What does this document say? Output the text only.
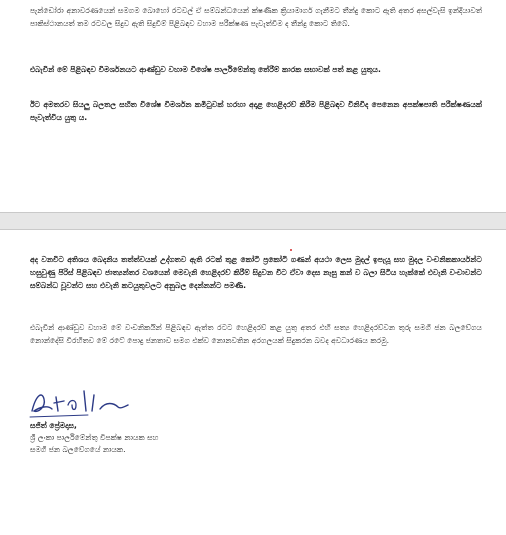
පැන්ඩෝරා අනාවරණයෙන් සමගම බොහෝ රටවල් ඒ සම්බන්ධයෙන් ක්ෂණික ක්‍රියාමාර්ග ගැනීමට තීන්දු කොට ඇති අතර අසල්වැසි ඉන්දියාවත් පාකිස්ථානයත් තම රටවල සිදුව ඇති සිදුවීම් පිළිබඳව වහාම පරීක්ෂණ පැවැත්වීම ද තීන්දු කොට තිබේ.

එබැවින් මේ පිළිබඳව විමර්ශනයට ආණ්ඩුව වහාම විශේෂ පාර්ලිමේන්තු තේරීම් කාරක සභාවක් පත් කළ යුතුය.

ඊට අමතරව සියලු බලතල සහිත විශේෂ විමර්ශන කමිටුවක් හරහා අදාළ හෙළිදරව් කිරීම පිළිබඳව විනිවිද පෙනෙන අපක්ෂපාති පරීක්ෂණයක් පැවැත්විය යුතු ය.

අද වනවිට අතිශය බෙදනිය තත්ත්වයක් උද්ගතව ඇති රටක් තුළ කෝටි ප්‍රකෝටි ගණන් අයථා ලෙස මුදල් ඉපැයූ සහ මුදල ව‍ංචනිකකාර්යන්ට හසුවුණු පිරිස් පිළිබඳව ජාත්‍යන්තර වශයෙන් මෙවැනි හෙළිදරව් කිරීම් සිදුවන විට ඒවා දෙස නැසු කන් ව බලා සිටිය හැක්කේ එවැනි වංචාවන්ට සම්බන්ධ වූවන්ට සහ එවැනි කටයුතුවලට අනුබල දෙන්නන්ට පමණි.

එබැවින් ආණ්ඩුව වහාම මේ වංචනිකයින් පිළිබඳව ඇත්ත රටට හෙළිදරව් කළ යුතු අතර එහි සත්‍ය හෙළිදරව්වන තුරු සමගි ජන බලවේගය නොන්දේසි විරහිතව මේ රටේ පොදු ජනතාව සමග එක්ව නොනවතින අරගලයක් සිදුකරන බවද අවධාරණය කරමු.

සජිත් ප්‍රේමදාස,
ශ්‍රී ලංකා පාර්ලිමේන්තු විපක්ෂ නායක සහ
සමගි ජන බලවේගයේ නායක.
